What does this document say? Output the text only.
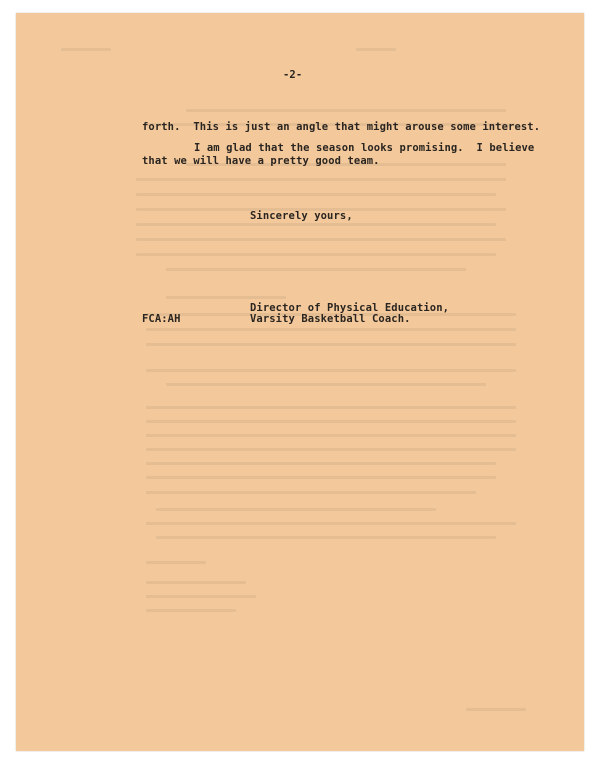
-2-
forth.  This is just an angle that might arouse some interest.
I am glad that the season looks promising.  I believe
that we will have a pretty good team.
Sincerely yours,
Director of Physical Education,
FCA:AH	Varsity Basketball Coach.
